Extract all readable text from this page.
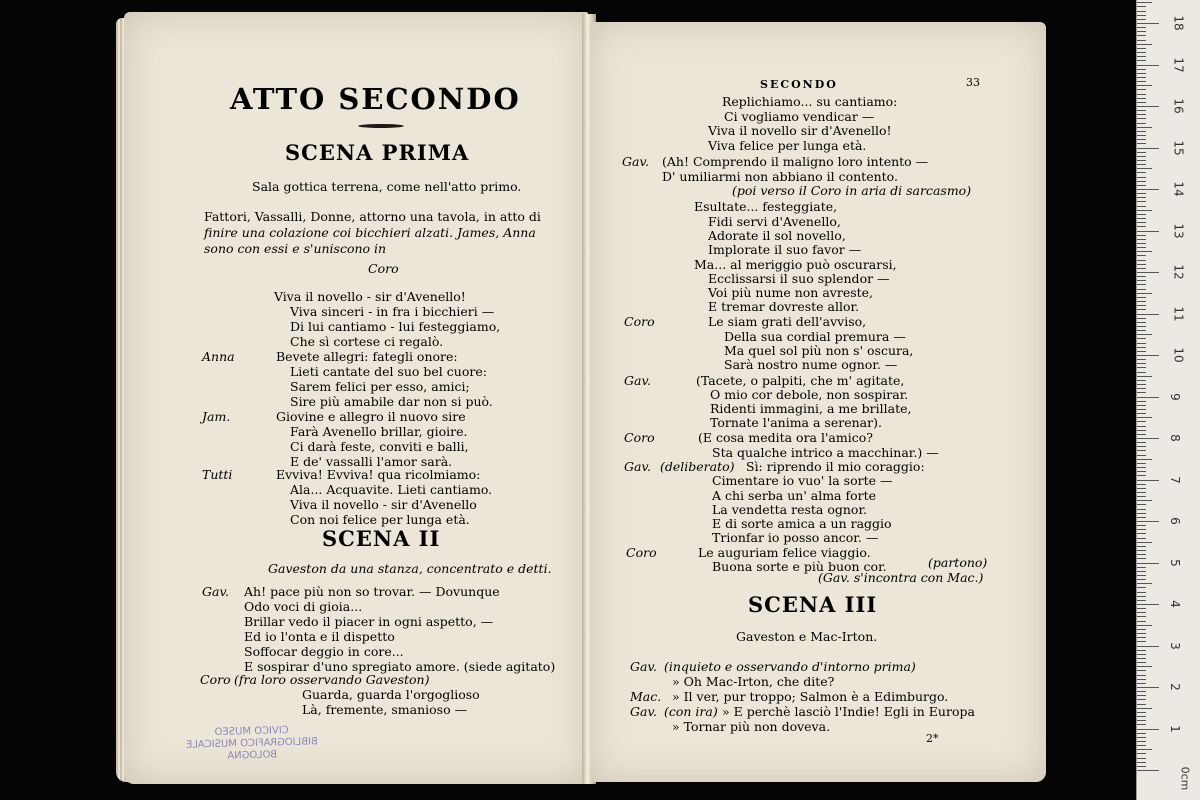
ATTO SECONDO
SCENA PRIMA
Sala gottica terrena, come nell'atto primo.
Fattori, Vassalli, Donne, attorno una tavola, in atto di
finire una colazione coi bicchieri alzati. James, Anna
sono con essi e s'uniscono in
Coro
Viva il novello - sir d'Avenello!
Viva sinceri - in fra i bicchieri —
Di lui cantiamo - lui festeggiamo,
Che sì cortese ci regalò.
Anna	Bevete allegri: fategli onore:
Lieti cantate del suo bel cuore:
Sarem felici per esso, amici;
Sire più amabile dar non si può.
Jam.	Giovine e allegro il nuovo sire
Farà Avenello brillar, gioire.
Ci darà feste, conviti e balli,
E de' vassalli l'amor sarà.
Tutti	Evviva! Evviva! qua ricolmiamo:
Ala... Acquavite. Lieti cantiamo.
Viva il novello - sir d'Avenello
Con noi felice per lunga età.
SCENA II
Gaveston da una stanza, concentrato e detti.
Gav. Ah! pace più non so trovar. — Dovunque
Odo voci di gioia...
Brillar vedo il piacer in ogni aspetto, —
Ed io l'onta e il dispetto
Soffocar deggio in core...
E sospirar d'uno spregiato amore. (siede agitato)
Coro (fra loro osservando Gaveston)
Guarda, guarda l'orgoglioso
Là, fremente, smanioso —
CIVICO MUSEO
BIBLIOGRAFICO MUSICALE
BOLOGNA
SECONDO	33
Replichiamo... su cantiamo:
Ci vogliamo vendicar —
Viva il novello sir d'Avenello!
Viva felice per lunga età.
Gav. (Ah! Comprendo il maligno loro intento —
D' umiliarmi non abbiano il contento.
(poi verso il Coro in aria di sarcasmo)
Esultate... festeggiate,
Fidi servi d'Avenello,
Adorate il sol novello,
Implorate il suo favor —
Ma... al meriggio può oscurarsi,
Ecclissarsi il suo splendor —
Voi più nume non avreste,
E tremar dovreste allor.
Coro	Le siam grati dell'avviso,
Della sua cordial premura —
Ma quel sol più non s' oscura,
Sarà nostro nume ognor. —
Gav.	(Tacete, o palpiti, che m' agitate,
O mio cor debole, non sospirar.
Ridenti immagini, a me brillate,
Tornate l'anima a serenar).
Coro	(E cosa medita ora l'amico?
Sta qualche intrico a macchinar.) —
Gav. (deliberato) Sì: riprendo il mio coraggio:
Cimentare io vuo' la sorte —
A chi serba un' alma forte
La vendetta resta ognor.
E di sorte amica a un raggio
Trionfar io posso ancor. —
Coro	Le auguriam felice viaggio.
Buona sorte e più buon cor.	(partono)
(Gav. s'incontra con Mac.)
SCENA III
Gaveston e Mac-Irton.
Gav. (inquieto e osservando d'intorno prima)
» Oh Mac-Irton, che dite?
Mac. » Il ver, pur troppo; Salmon è a Edimburgo.
Gav. (con ira) » E perchè lasciò l'Indie! Egli in Europa
» Tornar più non doveva.
2*
0cm
1
2
3
4
5
6
7
8
9
10
11
12
13
14
15
16
17
18
